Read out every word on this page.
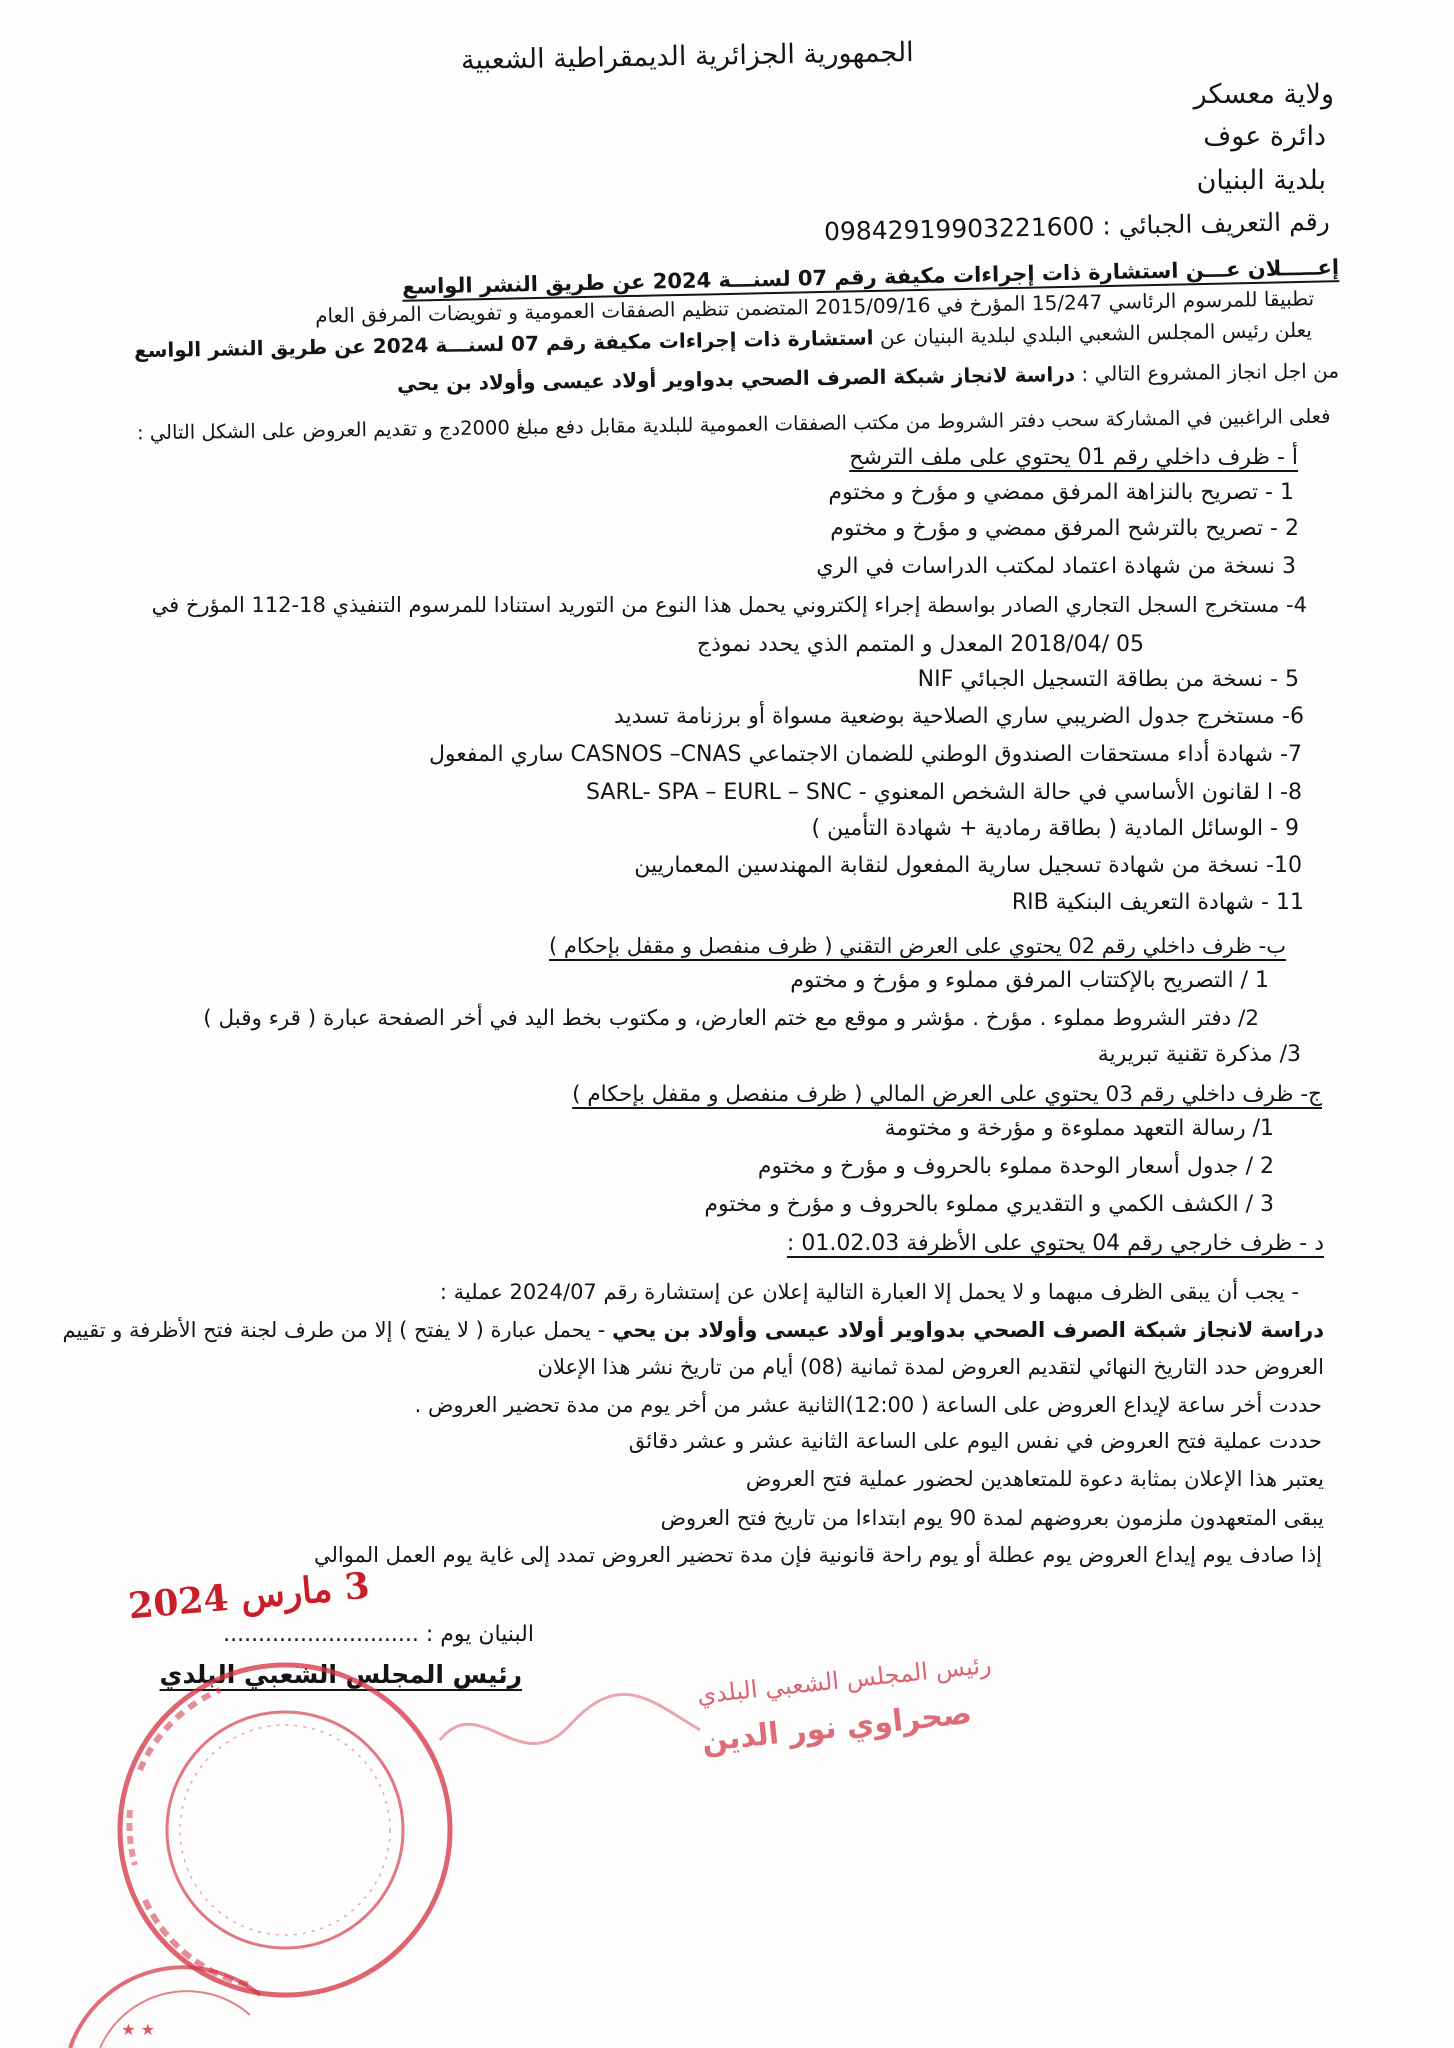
الجمهورية الجزائرية الديمقراطية الشعبية
ولاية معسكر
دائرة عوف
بلدية البنيان
رقم التعريف الجبائي : 09842919903221600
إعـــــلان عـــن استشارة ذات إجراءات مكيفة رقم 07 لسنـــة 2024 عن طريق النشر الواسع
تطبيقا للمرسوم الرئاسي 15/247 المؤرخ في 2015/09/16 المتضمن تنظيم الصفقات العمومية و تفويضات المرفق العام
يعلن رئيس المجلس الشعبي البلدي لبلدية البنيان عن استشارة ذات إجراءات مكيفة رقم 07 لسنـــة 2024 عن طريق النشر الواسع
من اجل انجاز المشروع التالي : دراسة لانجاز شبكة الصرف الصحي بدواوير أولاد عيسى وأولاد بن يحي
فعلى الراغبين في المشاركة سحب دفتر الشروط من مكتب الصفقات العمومية للبلدية مقابل دفع مبلغ 2000دج و تقديم العروض على الشكل التالي :
أ - ظرف داخلي رقم 01 يحتوي على ملف الترشح
1 - تصريح بالنزاهة المرفق ممضي و مؤرخ و مختوم
2 - تصريح بالترشح المرفق ممضي و مؤرخ و مختوم
3 نسخة من شهادة اعتماد لمكتب الدراسات في الري
4- مستخرج السجل التجاري الصادر بواسطة إجراء إلكتروني يحمل هذا النوع من التوريد استنادا للمرسوم التنفيذي 18-112 المؤرخ في
05 /2018/04 المعدل و المتمم الذي يحدد نموذج
5 - نسخة من بطاقة التسجيل الجبائي NIF
6- مستخرج جدول الضريبي ساري الصلاحية بوضعية مسواة أو برزنامة تسديد
7- شهادة أداء مستحقات الصندوق الوطني للضمان الاجتماعي CASNOS –CNAS ساري المفعول
8- ا لقانون الأساسي في حالة الشخص المعنوي - SARL- SPA – EURL – SNC
9 - الوسائل المادية ( بطاقة رمادية + شهادة التأمين )
10- نسخة من شهادة تسجيل سارية المفعول لنقابة المهندسين المعماريين
11 - شهادة التعريف البنكية RIB
ب- ظرف داخلي رقم 02 يحتوي على العرض التقني ( ظرف منفصل و مقفل بإحكام )
1 / التصريح بالإكتتاب المرفق مملوء و مؤرخ و مختوم
2/ دفتر الشروط مملوء . مؤرخ . مؤشر و موقع مع ختم العارض، و مكتوب بخط اليد في أخر الصفحة عبارة ( قرء وقبل )
3/ مذكرة تقنية تبريرية
ج- ظرف داخلي رقم 03 يحتوي على العرض المالي ( ظرف منفصل و مقفل بإحكام )
1/ رسالة التعهد مملوءة و مؤرخة و مختومة
2 / جدول أسعار الوحدة مملوء بالحروف و مؤرخ و مختوم
3 / الكشف الكمي و التقديري مملوء بالحروف و مؤرخ و مختوم
د - ظرف خارجي رقم 04 يحتوي على الأظرفة 01.02.03 :
- يجب أن يبقى الظرف مبهما و لا يحمل إلا العبارة التالية إعلان عن إستشارة رقم 2024/07 عملية :
دراسة لانجاز شبكة الصرف الصحي بدواوير أولاد عيسى وأولاد بن يحي - يحمل عبارة ( لا يفتح ) إلا من طرف لجنة فتح الأظرفة و تقييم
العروض حدد التاريخ النهائي لتقديم العروض لمدة ثمانية (08) أيام من تاريخ نشر هذا الإعلان
حددت أخر ساعة لإيداع العروض على الساعة ( 12:00)الثانية عشر من أخر يوم من مدة تحضير العروض .
حددت عملية فتح العروض في نفس اليوم على الساعة الثانية عشر و عشر دقائق
يعتبر هذا الإعلان بمثابة دعوة للمتعاهدين لحضور عملية فتح العروض
يبقى المتعهدون ملزمون بعروضهم لمدة 90 يوم ابتداءا من تاريخ فتح العروض
إذا صادف يوم إيداع العروض يوم عطلة أو يوم راحة قانونية فإن مدة تحضير العروض تمدد إلى غاية يوم العمل الموالي
البنيان يوم : ............................
رئيس المجلس الشعبي البلدي
3 مارس 2024
رئيس المجلس الشعبي البلدي
صحراوي نور الدين
★ ★
